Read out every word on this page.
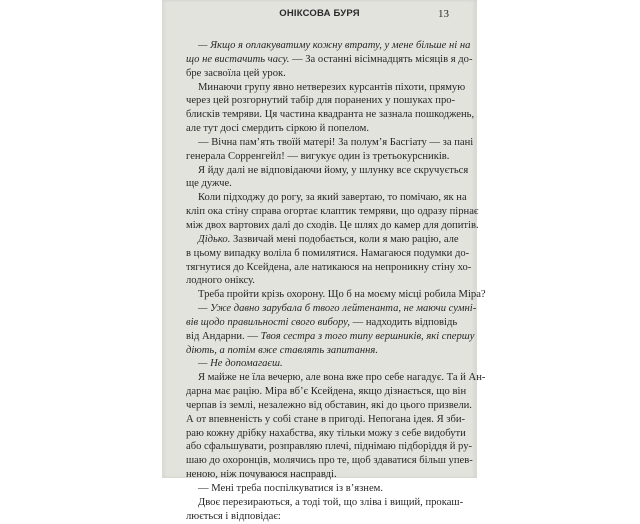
ОНІКСОВА БУРЯ	13
— Якщо я оплакуватиму кожну втрату, у мене більше ні на
що не вистачить часу. — За останні вісімнадцять місяців я до-
бре засвоїла цей урок.
Минаючи групу явно нетверезих курсантів піхоти, прямую
через цей розгорнутий табір для поранених у пошуках про-
блисків темряви. Ця частина квадранта не зазнала пошкоджень,
але тут досі смердить сіркою й попелом.
— Вічна пам’ять твоїй матері! За полум’я Басгіату — за пані
генерала Сорренгейл! — вигукує один із третьокурсників.
Я йду далі не відповідаючи йому, у шлунку все скручується
ще дужче.
Коли підходжу до рогу, за який завертаю, то помічаю, як на
кліп ока стіну справа огортає клаптик темряви, що одразу пірнає
між двох вартових далі до сходів. Це шлях до камер для допитів.
Дідько. Зазвичай мені подобається, коли я маю рацію, але
в цьому випадку воліла б помилятися. Намагаюся подумки до-
тягнутися до Ксейдена, але натикаюся на непроникну стіну хо-
лодного оніксу.
Треба пройти крізь охорону. Що б на моєму місці робила Міра?
— Уже давно зарубала б твого лейтенанта, не маючи сумні-
вів щодо правильності свого вибору, — надходить відповідь
від Андарни. — Твоя сестра з того типу вершників, які спершу
діють, а потім вже ставлять запитання.
— Не допомагаєш.
Я майже не їла вечерю, але вона вже про себе нагадує. Та й Ан-
дарна має рацію. Міра вб’є Ксейдена, якщо дізнається, що він
черпав із землі, незалежно від обставин, які до цього призвели.
А от впевненість у собі стане в пригоді. Непогана ідея. Я зби-
раю кожну дрібку нахабства, яку тільки можу з себе видобути
або сфальшувати, розправляю плечі, піднімаю підборіддя й ру-
шаю до охоронців, молячись про те, щоб здаватися більш упев-
неною, ніж почуваюся насправді.
— Мені треба поспілкуватися із в’язнем.
Двоє перезираються, а тоді той, що зліва і вищий, прокаш-
люється і відповідає:
